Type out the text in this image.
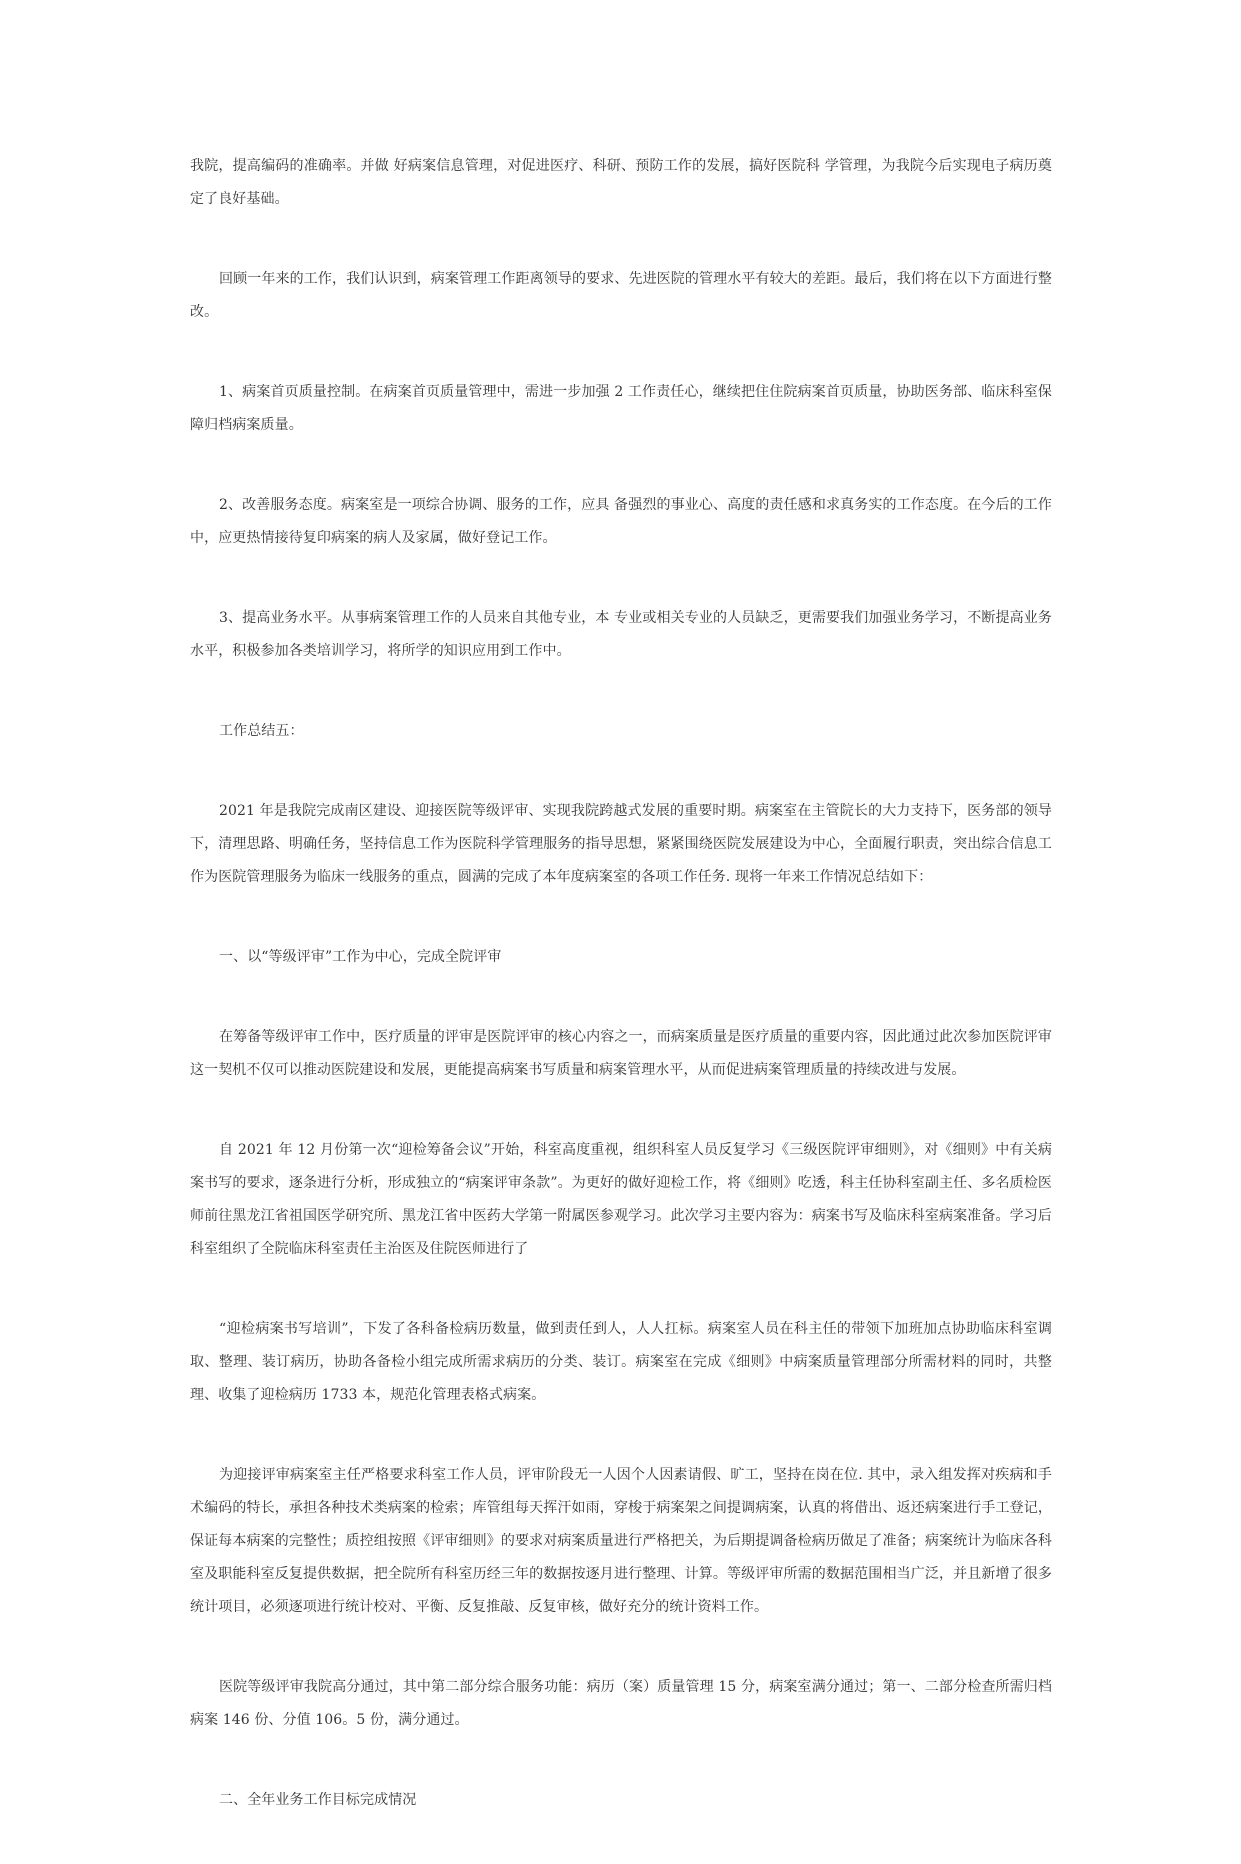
我院，提高编码的准确率。并做 好病案信息管理，对促进医疗、科研、预防工作的发展，搞好医院科 学管理，为我院今后实现电子病历奠定了良好基础。

回顾一年来的工作，我们认识到，病案管理工作距离领导的要求、先进医院的管理水平有较大的差距。最后，我们将在以下方面进行整改。

1、病案首页质量控制。在病案首页质量管理中，需进一步加强 2 工作责任心，继续把住住院病案首页质量，协助医务部、临床科室保 障归档病案质量。

2、改善服务态度。病案室是一项综合协调、服务的工作，应具 备强烈的事业心、高度的责任感和求真务实的工作态度。在今后的工作中，应更热情接待复印病案的病人及家属，做好登记工作。

3、提高业务水平。从事病案管理工作的人员来自其他专业，本 专业或相关专业的人员缺乏，更需要我们加强业务学习，不断提高业务水平，积极参加各类培训学习，将所学的知识应用到工作中。

工作总结五：

2021 年是我院完成南区建设、迎接医院等级评审、实现我院跨越式发展的重要时期。病案室在主管院长的大力支持下，医务部的领导下，清理思路、明确任务，坚持信息工作为医院科学管理服务的指导思想，紧紧围绕医院发展建设为中心，全面履行职责，突出综合信息工作为医院管理服务为临床一线服务的重点，圆满的完成了本年度病案室的各项工作任务. 现将一年来工作情况总结如下：

一、以“等级评审”工作为中心，完成全院评审

在筹备等级评审工作中，医疗质量的评审是医院评审的核心内容之一，而病案质量是医疗质量的重要内容，因此通过此次参加医院评审这一契机不仅可以推动医院建设和发展，更能提高病案书写质量和病案管理水平，从而促进病案管理质量的持续改进与发展。

自 2021 年 12 月份第一次“迎检筹备会议”开始，科室高度重视，组织科室人员反复学习《三级医院评审细则》，对《细则》中有关病案书写的要求，逐条进行分析，形成独立的“病案评审条款”。为更好的做好迎检工作，将《细则》吃透，科主任协科室副主任、多名质检医师前往黑龙江省祖国医学研究所、黑龙江省中医药大学第一附属医参观学习。此次学习主要内容为：病案书写及临床科室病案准备。学习后科室组织了全院临床科室责任主治医及住院医师进行了

“迎检病案书写培训”，下发了各科备检病历数量，做到责任到人，人人扛标。病案室人员在科主任的带领下加班加点协助临床科室调取、整理、装订病历，协助各备检小组完成所需求病历的分类、装订。病案室在完成《细则》中病案质量管理部分所需材料的同时，共整理、收集了迎检病历 1733 本，规范化管理表格式病案。

为迎接评审病案室主任严格要求科室工作人员，评审阶段无一人因个人因素请假、旷工，坚持在岗在位. 其中，录入组发挥对疾病和手术编码的特长，承担各种技术类病案的检索；库管组每天挥汗如雨，穿梭于病案架之间提调病案，认真的将借出、返还病案进行手工登记，保证每本病案的完整性；质控组按照《评审细则》的要求对病案质量进行严格把关，为后期提调备检病历做足了准备；病案统计为临床各科室及职能科室反复提供数据，把全院所有科室历经三年的数据按逐月进行整理、计算。等级评审所需的数据范围相当广泛，并且新增了很多统计项目，必须逐项进行统计校对、平衡、反复推敲、反复审核，做好充分的统计资料工作。

医院等级评审我院高分通过，其中第二部分综合服务功能：病历（案）质量管理 15 分，病案室满分通过；第一、二部分检查所需归档病案 146 份、分值 106。5 份，满分通过。

二、全年业务工作目标完成情况
